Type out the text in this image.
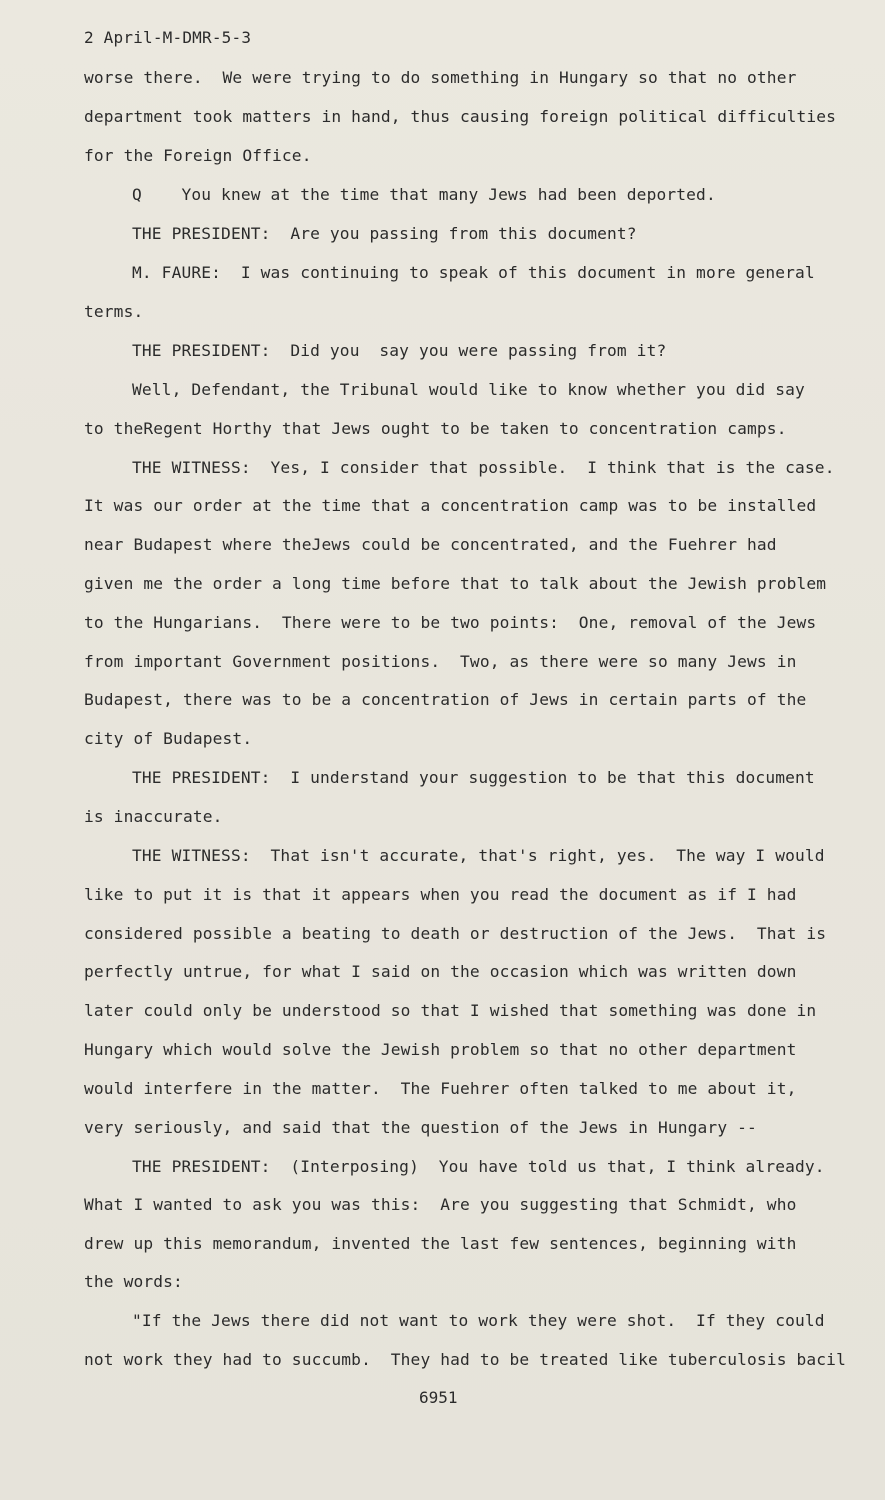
2 April-M-DMR-5-3
worse there.  We were trying to do something in Hungary so that no other
department took matters in hand, thus causing foreign political difficulties
for the Foreign Office.
Q    You knew at the time that many Jews had been deported.
THE PRESIDENT:  Are you passing from this document?
M. FAURE:  I was continuing to speak of this document in more general
terms.
THE PRESIDENT:  Did you  say you were passing from it?
Well, Defendant, the Tribunal would like to know whether you did say
to theRegent Horthy that Jews ought to be taken to concentration camps.
THE WITNESS:  Yes, I consider that possible.  I think that is the case.
It was our order at the time that a concentration camp was to be installed
near Budapest where theJews could be concentrated, and the Fuehrer had
given me the order a long time before that to talk about the Jewish problem
to the Hungarians.  There were to be two points:  One, removal of the Jews
from important Government positions.  Two, as there were so many Jews in
Budapest, there was to be a concentration of Jews in certain parts of the
city of Budapest.
THE PRESIDENT:  I understand your suggestion to be that this document
is inaccurate.
THE WITNESS:  That isn't accurate, that's right, yes.  The way I would
like to put it is that it appears when you read the document as if I had
considered possible a beating to death or destruction of the Jews.  That is
perfectly untrue, for what I said on the occasion which was written down
later could only be understood so that I wished that something was done in
Hungary which would solve the Jewish problem so that no other department
would interfere in the matter.  The Fuehrer often talked to me about it,
very seriously, and said that the question of the Jews in Hungary --
THE PRESIDENT:  (Interposing)  You have told us that, I think already.
What I wanted to ask you was this:  Are you suggesting that Schmidt, who
drew up this memorandum, invented the last few sentences, beginning with
the words:
"If the Jews there did not want to work they were shot.  If they could
not work they had to succumb.  They had to be treated like tuberculosis bacil
6951
